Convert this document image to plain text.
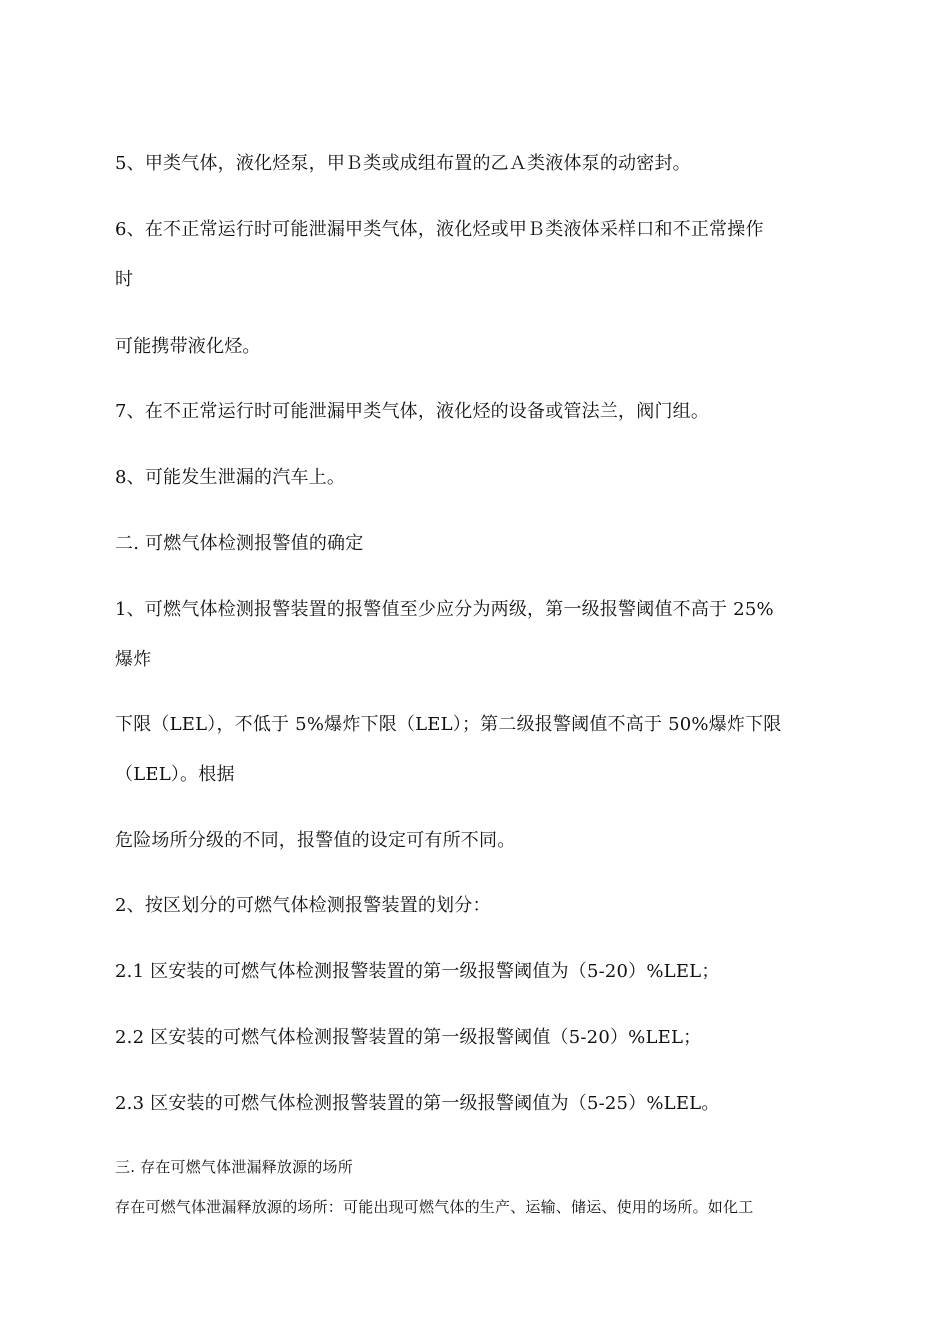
5、甲类气体，液化烃泵，甲Ｂ类或成组布置的乙Ａ类液体泵的动密封。
6、在不正常运行时可能泄漏甲类气体，液化烃或甲Ｂ类液体采样口和不正常操作
时
可能携带液化烃。
7、在不正常运行时可能泄漏甲类气体，液化烃的设备或管法兰，阀门组。
8、可能发生泄漏的汽车上。
二. 可燃气体检测报警值的确定
1、可燃气体检测报警装置的报警值至少应分为两级，第一级报警阈值不高于 25%
爆炸
下限（LEL），不低于 5%爆炸下限（LEL）；第二级报警阈值不高于 50%爆炸下限
（LEL）。根据
危险场所分级的不同，报警值的设定可有所不同。
2、按区划分的可燃气体检测报警装置的划分：
2.1 区安装的可燃气体检测报警装置的第一级报警阈值为（5-20）%LEL；
2.2 区安装的可燃气体检测报警装置的第一级报警阈值（5-20）%LEL；
2.3 区安装的可燃气体检测报警装置的第一级报警阈值为（5-25）%LEL。
三. 存在可燃气体泄漏释放源的场所
存在可燃气体泄漏释放源的场所：可能出现可燃气体的生产、运输、储运、使用的场所。如化工
